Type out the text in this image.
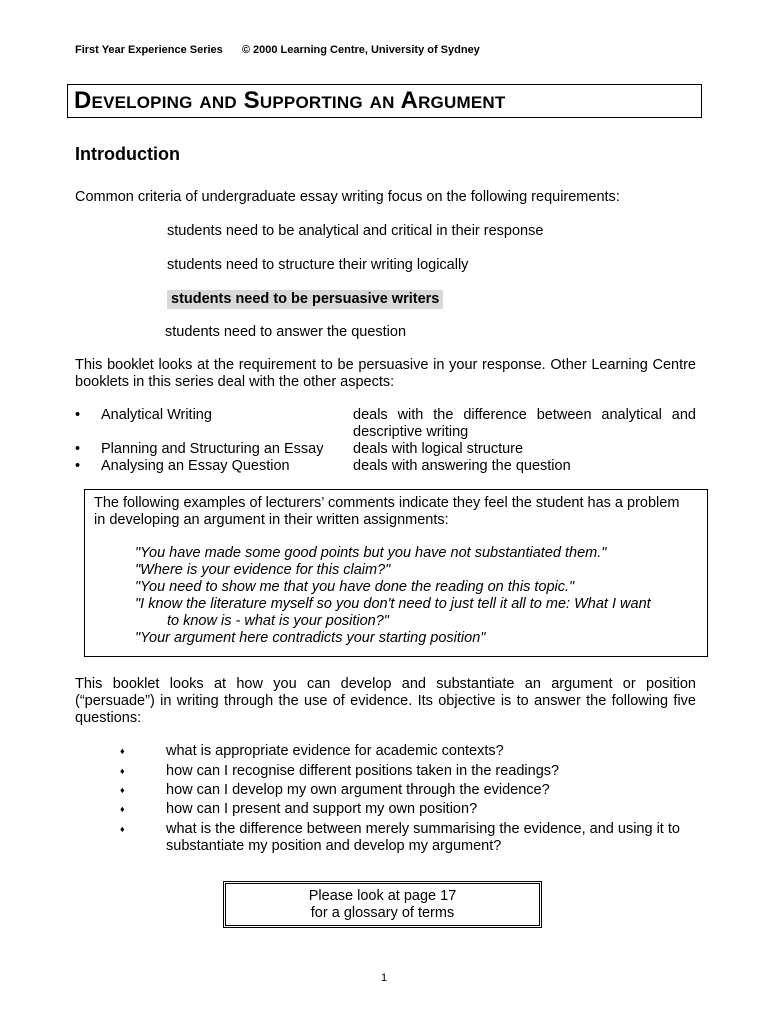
First Year Experience Series © 2000 Learning Centre, University of Sydney
Developing and Supporting an Argument
Introduction

Common criteria of undergraduate essay writing focus on the following requirements:

students need to be analytical and critical in their response
students need to structure their writing logically
students need to be persuasive writers
students need to answer the question

This booklet looks at the requirement to be persuasive in your response. Other Learning Centre booklets in this series deal with the other aspects:

• Analytical Writing	deals with the difference between analytical and descriptive writing
• Planning and Structuring an Essay deals with logical structure
• Analysing an Essay Question	deals with answering the question

The following examples of lecturers’ comments indicate they feel the student has a problem in developing an argument in their written assignments:

"You have made some good points but you have not substantiated them."
"Where is your evidence for this claim?"
"You need to show me that you have done the reading on this topic."
"I know the literature myself so you don't need to just tell it all to me: What I want
to know is - what is your position?"
"Your argument here contradicts your starting position"

This booklet looks at how you can develop and substantiate an argument or position (“persuade”) in writing through the use of evidence. Its objective is to answer the following five questions:

♦	what is appropriate evidence for academic contexts?
♦	how can I recognise different positions taken in the readings?
♦	how can I develop my own argument through the evidence?
♦	how can I present and support my own position?
♦	what is the difference between merely summarising the evidence, and using it to substantiate my position and develop my argument?
Please look at page 17
for a glossary of terms
1
